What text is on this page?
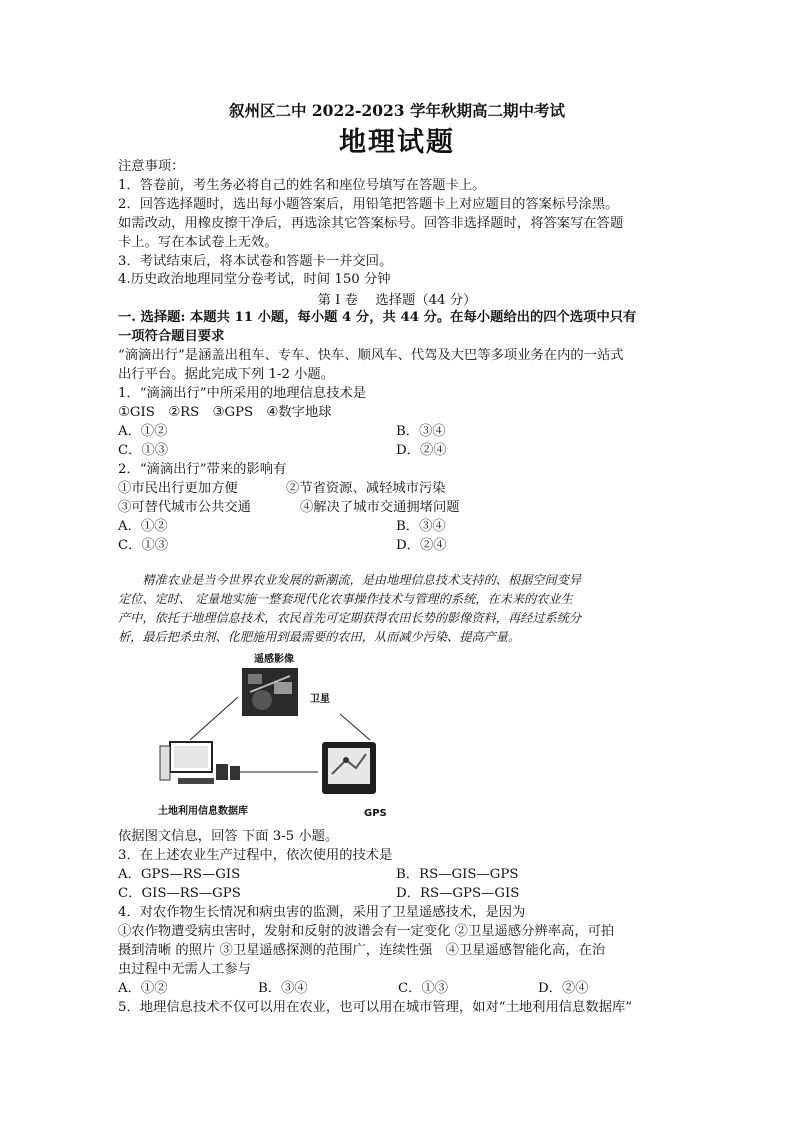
叙州区二中 2022-2023 学年秋期高二期中考试
地理试题
注意事项：
1．答卷前，考生务必将自己的姓名和座位号填写在答题卡上。
2．回答选择题时，选出每小题答案后，用铅笔把答题卡上对应题目的答案标号涂黑。
如需改动，用橡皮擦干净后，再选涂其它答案标号。回答非选择题时，将答案写在答题
卡上。写在本试卷上无效。
3．考试结束后，将本试卷和答题卡一并交回。
4.历史政治地理同堂分卷考试，时间 150 分钟
第 I 卷　 选择题（44 分）
一. 选择题: 本题共 11 小题，每小题 4 分，共 44 分。在每小题给出的四个选项中只有
一项符合题目要求
“滴滴出行”是涵盖出租车、专车、快车、顺风车、代驾及大巴等多项业务在内的一站式
出行平台。据此完成下列 1-2 小题。
1．“滴滴出行”中所采用的地理信息技术是
①GIS　②RS　③GPS　④数字地球
A．①②	B．③④
C．①③	D．②④
2．“滴滴出行”带来的影响有
①市民出行更加方便	②节省资源、减轻城市污染
③可替代城市公共交通	④解决了城市交通拥堵问题
A．①②	B．③④
C．①③	D．②④
　　精准农业是当今世界农业发展的新潮流，是由地理信息技术支持的、根据空间变异
定位、定时、 定量地实施一整套现代化农事操作技术与管理的系统，在未来的农业生
产中，依托于地理信息技术，农民首先可定期获得农田长势的影像资料，再经过系统分
析，最后把杀虫剂、化肥施用到最需要的农田，从而减少污染、提高产量。
遥感影像
卫星
土地利用信息数据库	GPS
依据图文信息，回答 下面 3-5 小题。
3．在上述农业生产过程中，依次使用的技术是
A．GPS—RS—GIS	B．RS—GIS—GPS
C．GIS—RS—GPS	D．RS—GPS—GIS
4．对农作物生长情况和病虫害的监测，采用了卫星遥感技术，是因为
①农作物遭受病虫害时，发射和反射的波谱会有一定变化 ②卫星遥感分辨率高，可拍
摄到清晰 的照片 ③卫星遥感探测的范围广，连续性强　④卫星遥感智能化高，在治
虫过程中无需人工参与
A．①②	B．③④	C．①③	D．②④
5．地理信息技术不仅可以用在农业，也可以用在城市管理，如对“土地利用信息数据库”
